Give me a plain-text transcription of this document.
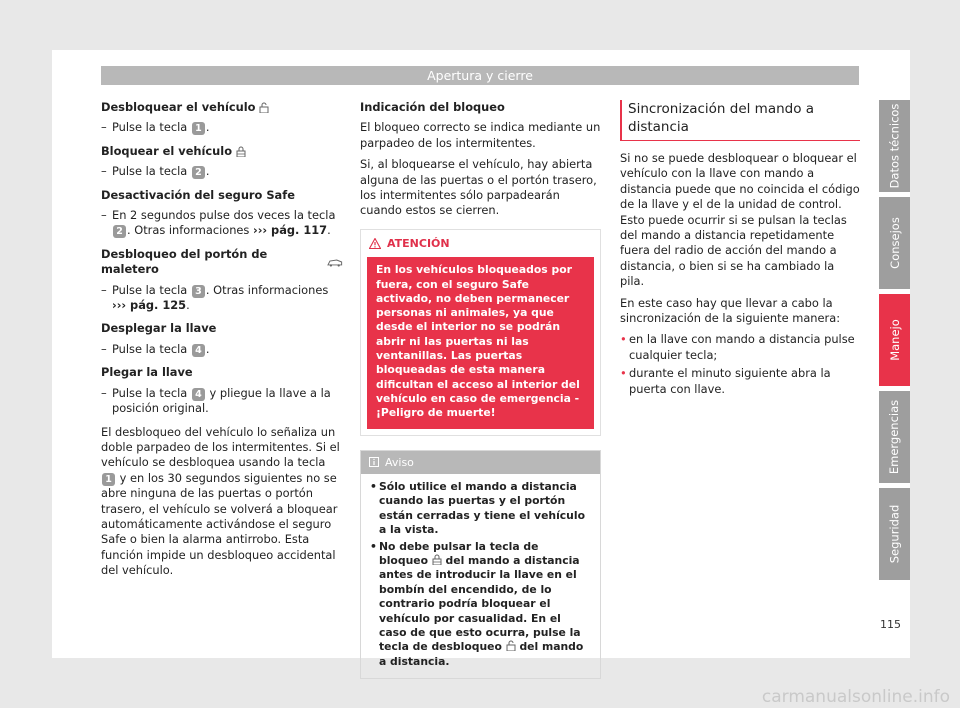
Apertura y cierre
Desbloquear el vehículo
– Pulse la tecla 1 .
Bloquear el vehículo
– Pulse la tecla 2 .
Desactivación del seguro Safe
– En 2 segundos pulse dos veces la tecla 2 . Otras informaciones ››› pág. 117.
Desbloqueo del portón de maletero
– Pulse la tecla 3 . Otras informaciones ››› pág. 125.
Desplegar la llave
– Pulse la tecla 4 .
Plegar la llave
– Pulse la tecla 4 y pliegue la llave a la posición original.
El desbloqueo del vehículo lo señaliza un doble parpadeo de los intermitentes. Si el vehículo se desbloquea usando la tecla 1 y en los 30 segundos siguientes no se abre ninguna de las puertas o portón trasero, el vehículo se volverá a bloquear automáticamente activándose el seguro Safe o bien la alarma antirrobo. Esta función impide un desbloqueo accidental del vehículo.
Indicación del bloqueo
El bloqueo correcto se indica mediante un parpadeo de los intermitentes.
Si, al bloquearse el vehículo, hay abierta alguna de las puertas o el portón trasero, los intermitentes sólo parpadearán cuando estos se cierren.
ATENCIÓN
En los vehículos bloqueados por fuera, con el seguro Safe activado, no deben permanecer personas ni animales, ya que desde el interior no se podrán abrir ni las puertas ni las ventanillas. Las puertas bloqueadas de esta manera dificultan el acceso al interior del vehículo en caso de emergencia - ¡Peligro de muerte!
Aviso
• Sólo utilice el mando a distancia cuando las puertas y el portón están cerradas y tiene el vehículo a la vista.
• No debe pulsar la tecla de bloqueo  del mando a distancia antes de introducir la llave en el bombín del encendido, de lo contrario podría bloquear el vehículo por casualidad. En el caso de que esto ocurra, pulse la tecla de desbloqueo  del mando a distancia.
Sincronización del mando a distancia
Si no se puede desbloquear o bloquear el vehículo con la llave con mando a distancia puede que no coincida el código de la llave y el de la unidad de control. Esto puede ocurrir si se pulsan la teclas del mando a distancia repetidamente fuera del radio de acción del mando a distancia, o bien si se ha cambiado la pila.
En este caso hay que llevar a cabo la sincronización de la siguiente manera:
• en la llave con mando a distancia pulse cualquier tecla;
• durante el minuto siguiente abra la puerta con llave.
Datos técnicos
Consejos
Manejo
Emergencias
Seguridad
115
carmanualsonline.info
